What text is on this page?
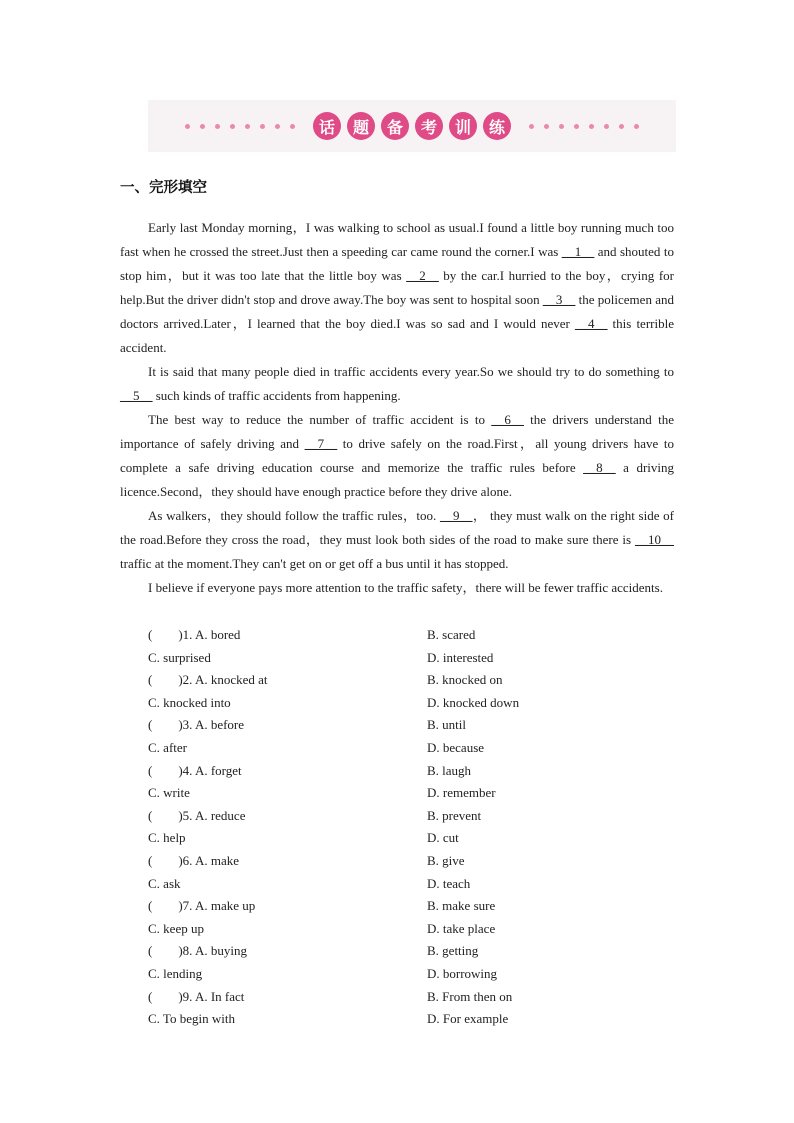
话	题	备	考	训	练
一、完形填空

Early last Monday morning，I was walking to school as usual.I found a little boy running much too fast when he crossed the street.Just then a speeding car came round the corner.I was __1__ and shouted to stop him，but it was too late that the little boy was __2__ by the car.I hurried to the boy，crying for help.But the driver didn't stop and drove away.The boy was sent to hospital soon __3__ the policemen and doctors arrived.Later，I learned that the boy died.I was so sad and I would never __4__ this terrible accident.

It is said that many people died in traffic accidents every year.So we should try to do something to __5__ such kinds of traffic accidents from happening.

The best way to reduce the number of traffic accident is to __6__ the drivers understand the importance of safely driving and __7__ to drive safely on the road.First，all young drivers have to complete a safe driving education course and memorize the traffic rules before __8__ a driving licence.Second，they should have enough practice before they drive alone.

As walkers，they should follow the traffic rules，too. __9__， they must walk on the right side of the road.Before they cross the road，they must look both sides of the road to make sure there is __10__ traffic at the moment.They can't get on or get off a bus until it has stopped.

I believe if everyone pays more attention to the traffic safety，there will be fewer traffic accidents.

(　　)1. A. bored	B. scared
C. surprised	D. interested
(　　)2. A. knocked at	B. knocked on
C. knocked into	D. knocked down
(　　)3. A. before	B. until
C. after	D. because
(　　)4. A. forget	B. laugh
C. write	D. remember
(　　)5. A. reduce	B. prevent
C. help	D. cut
(　　)6. A. make	B. give
C. ask	D. teach
(　　)7. A. make up	B. make sure
C. keep up	D. take place
(　　)8. A. buying	B. getting
C. lending	D. borrowing
(　　)9. A. In fact	B. From then on
C. To begin with	D. For example
